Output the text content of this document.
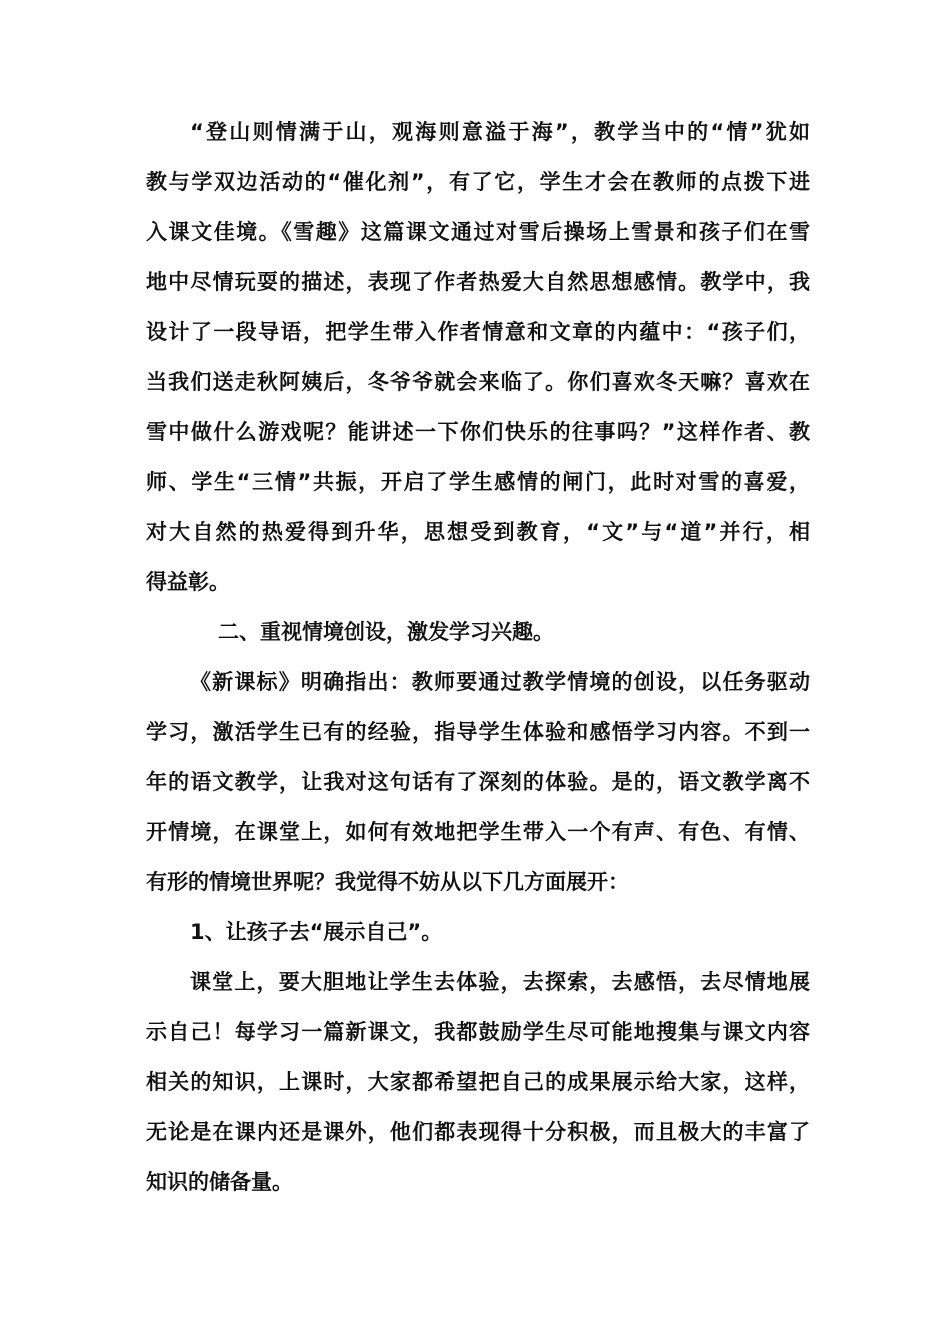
“登山则情满于山，观海则意溢于海”，教学当中的“情”犹如
教与学双边活动的“催化剂”，有了它，学生才会在教师的点拨下进
入课文佳境。《雪趣》这篇课文通过对雪后操场上雪景和孩子们在雪
地中尽情玩耍的描述，表现了作者热爱大自然思想感情。教学中，我
设计了一段导语，把学生带入作者情意和文章的内蕴中：“孩子们，
当我们送走秋阿姨后，冬爷爷就会来临了。你们喜欢冬天嘛？喜欢在
雪中做什么游戏呢？能讲述一下你们快乐的往事吗？”这样作者、教
师、学生“三情”共振，开启了学生感情的闸门，此时对雪的喜爱，
对大自然的热爱得到升华，思想受到教育，“文”与“道”并行，相
得益彰。
二、重视情境创设，激发学习兴趣。
《新课标》明确指出：教师要通过教学情境的创设，以任务驱动
学习，激活学生已有的经验，指导学生体验和感悟学习内容。不到一
年的语文教学，让我对这句话有了深刻的体验。是的，语文教学离不
开情境，在课堂上，如何有效地把学生带入一个有声、有色、有情、
有形的情境世界呢？我觉得不妨从以下几方面展开：
1、让孩子去“展示自己”。
课堂上，要大胆地让学生去体验，去探索，去感悟，去尽情地展
示自己！每学习一篇新课文，我都鼓励学生尽可能地搜集与课文内容
相关的知识，上课时，大家都希望把自己的成果展示给大家，这样，
无论是在课内还是课外，他们都表现得十分积极，而且极大的丰富了
知识的储备量。
